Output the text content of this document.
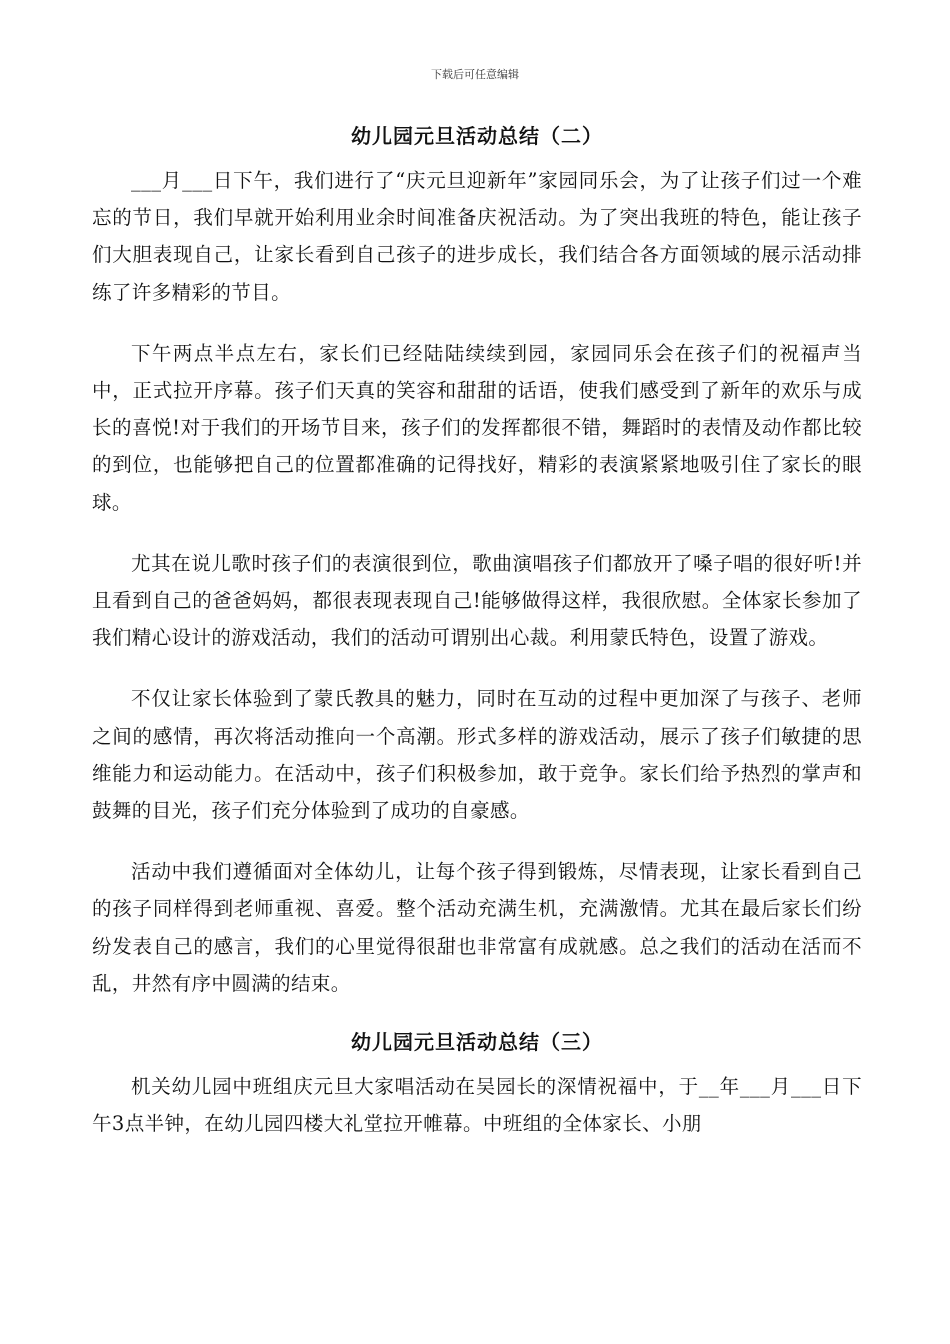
下载后可任意编辑
幼儿园元旦活动总结（二）

___月___日下午，我们进行了“庆元旦迎新年”家园同乐会，为了让孩子们过一个难忘的节日，我们早就开始利用业余时间准备庆祝活动。为了突出我班的特色，能让孩子们大胆表现自己，让家长看到自己孩子的进步成长，我们结合各方面领域的展示活动排练了许多精彩的节目。

下午两点半点左右，家长们已经陆陆续续到园，家园同乐会在孩子们的祝福声当中，正式拉开序幕。孩子们天真的笑容和甜甜的话语，使我们感受到了新年的欢乐与成长的喜悦!对于我们的开场节目来，孩子们的发挥都很不错，舞蹈时的表情及动作都比较的到位，也能够把自己的位置都准确的记得找好，精彩的表演紧紧地吸引住了家长的眼球。

尤其在说儿歌时孩子们的表演很到位，歌曲演唱孩子们都放开了嗓子唱的很好听!并且看到自己的爸爸妈妈，都很表现表现自己!能够做得这样，我很欣慰。全体家长参加了我们精心设计的游戏活动，我们的活动可谓别出心裁。利用蒙氏特色，设置了游戏。

不仅让家长体验到了蒙氏教具的魅力，同时在互动的过程中更加深了与孩子、老师之间的感情，再次将活动推向一个高潮。形式多样的游戏活动，展示了孩子们敏捷的思维能力和运动能力。在活动中，孩子们积极参加，敢于竞争。家长们给予热烈的掌声和鼓舞的目光，孩子们充分体验到了成功的自豪感。

活动中我们遵循面对全体幼儿，让每个孩子得到锻炼，尽情表现，让家长看到自己的孩子同样得到老师重视、喜爱。整个活动充满生机，充满激情。尤其在最后家长们纷纷发表自己的感言，我们的心里觉得很甜也非常富有成就感。总之我们的活动在活而不乱，井然有序中圆满的结束。

幼儿园元旦活动总结（三）

机关幼儿园中班组庆元旦大家唱活动在吴园长的深情祝福中，于__年___月___日下午3点半钟，在幼儿园四楼大礼堂拉开帷幕。中班组的全体家长、小朋
